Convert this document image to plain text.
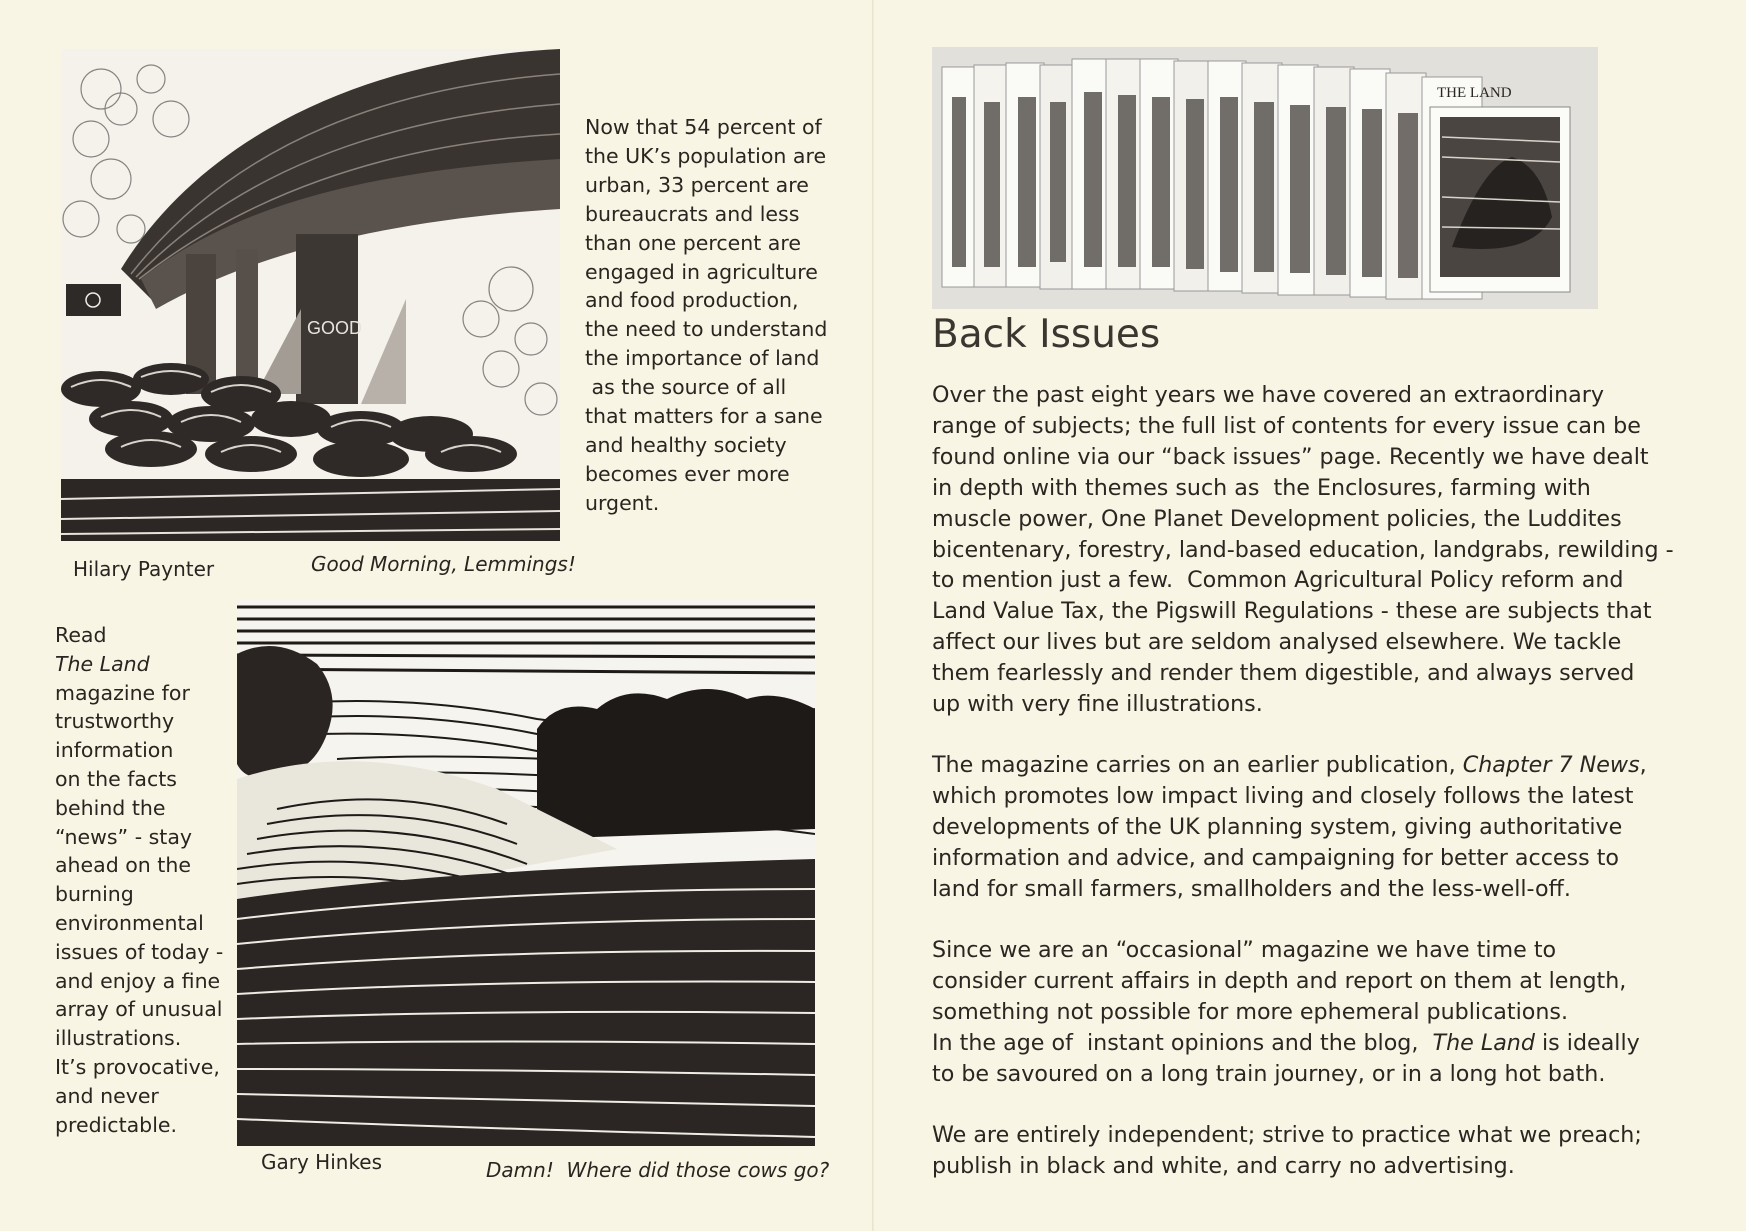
GOOD
Hilary Paynter	Good Morning, Lemmings!
Now that 54 percent of
the UK’s population are
urban, 33 percent are
bureaucrats and less
than one percent are
engaged in agriculture
and food production,
the need to understand
the importance of land
as the source of all
that matters for a sane
and healthy society
becomes ever more
urgent.
Read
The Land
magazine for
trustworthy
information
on the facts
behind the
“news” - stay
ahead on the
burning
environmental
issues of today -
and enjoy a fine
array of unusual
illustrations.
It’s provocative,
and never
predictable.
Gary Hinkes	Damn!  Where did those cows go?
THE LAND
Back Issues
Over the past eight years we have covered an extraordinary
range of subjects; the full list of contents for every issue can be
found online via our “back issues” page. Recently we have dealt
in depth with themes such as  the Enclosures, farming with
muscle power, One Planet Development policies, the Luddites
bicentenary, forestry, land-based education, landgrabs, rewilding -
to mention just a few.  Common Agricultural Policy reform and
Land Value Tax, the Pigswill Regulations - these are subjects that
affect our lives but are seldom analysed elsewhere. We tackle
them fearlessly and render them digestible, and always served
up with very fine illustrations.
The magazine carries on an earlier publication, Chapter 7 News,
which promotes low impact living and closely follows the latest
developments of the UK planning system, giving authoritative
information and advice, and campaigning for better access to
land for small farmers, smallholders and the less-well-off.
Since we are an “occasional” magazine we have time to
consider current affairs in depth and report on them at length,
something not possible for more ephemeral publications.
In the age of  instant opinions and the blog,  The Land is ideally
to be savoured on a long train journey, or in a long hot bath.
We are entirely independent; strive to practice what we preach;
publish in black and white, and carry no advertising.
